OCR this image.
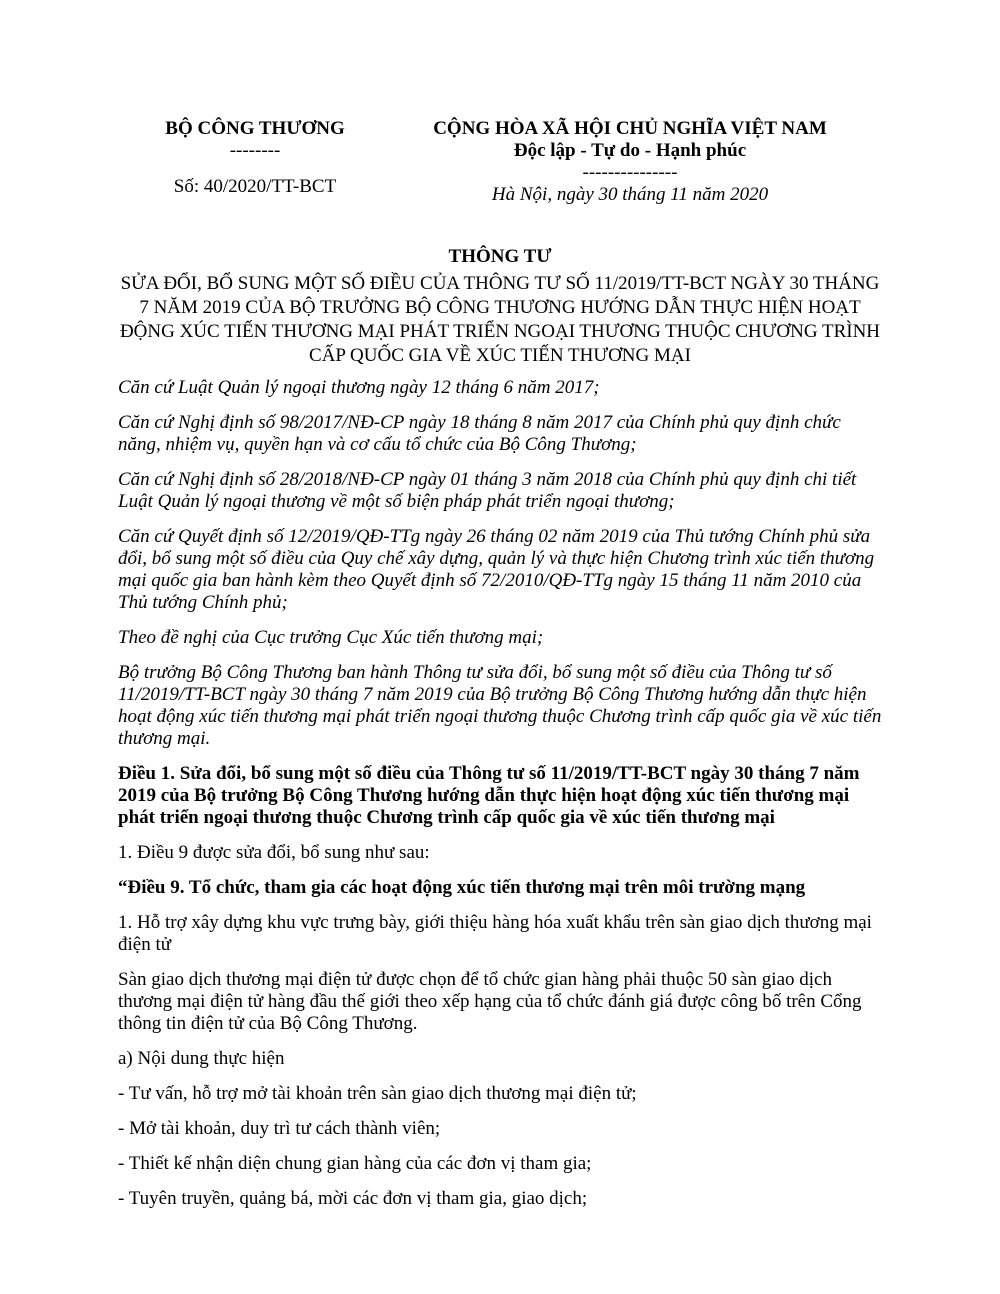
BỘ CÔNG THƯƠNG
--------
Số: 40/2020/TT-BCT
CỘNG HÒA XÃ HỘI CHỦ NGHĨA VIỆT NAM
Độc lập - Tự do - Hạnh phúc
---------------
Hà Nội, ngày 30 tháng 11 năm 2020
THÔNG TƯ
SỬA ĐỔI, BỔ SUNG MỘT SỐ ĐIỀU CỦA THÔNG TƯ SỐ 11/2019/TT-BCT NGÀY 30 THÁNG 7 NĂM 2019 CỦA BỘ TRƯỞNG BỘ CÔNG THƯƠNG HƯỚNG DẪN THỰC HIỆN HOẠT ĐỘNG XÚC TIẾN THƯƠNG MẠI PHÁT TRIỂN NGOẠI THƯƠNG THUỘC CHƯƠNG TRÌNH CẤP QUỐC GIA VỀ XÚC TIẾN THƯƠNG MẠI

Căn cứ Luật Quản lý ngoại thương ngày 12 tháng 6 năm 2017;

Căn cứ Nghị định số 98/2017/NĐ-CP ngày 18 tháng 8 năm 2017 của Chính phủ quy định chức năng, nhiệm vụ, quyền hạn và cơ cấu tổ chức của Bộ Công Thương;

Căn cứ Nghị định số 28/2018/NĐ-CP ngày 01 tháng 3 năm 2018 của Chính phủ quy định chi tiết Luật Quản lý ngoại thương về một số biện pháp phát triển ngoại thương;

Căn cứ Quyết định số 12/2019/QĐ-TTg ngày 26 tháng 02 năm 2019 của Thủ tướng Chính phủ sửa đổi, bổ sung một số điều của Quy chế xây dựng, quản lý và thực hiện Chương trình xúc tiến thương mại quốc gia ban hành kèm theo Quyết định số 72/2010/QĐ-TTg ngày 15 tháng 11 năm 2010 của Thủ tướng Chính phủ;

Theo đề nghị của Cục trưởng Cục Xúc tiến thương mại;

Bộ trưởng Bộ Công Thương ban hành Thông tư sửa đổi, bổ sung một số điều của Thông tư số 11/2019/TT-BCT ngày 30 tháng 7 năm 2019 của Bộ trưởng Bộ Công Thương hướng dẫn thực hiện hoạt động xúc tiến thương mại phát triển ngoại thương thuộc Chương trình cấp quốc gia về xúc tiến thương mại.

Điều 1. Sửa đổi, bổ sung một số điều của Thông tư số 11/2019/TT-BCT ngày 30 tháng 7 năm 2019 của Bộ trưởng Bộ Công Thương hướng dẫn thực hiện hoạt động xúc tiến thương mại phát triển ngoại thương thuộc Chương trình cấp quốc gia về xúc tiến thương mại

1. Điều 9 được sửa đổi, bổ sung như sau:

“Điều 9. Tổ chức, tham gia các hoạt động xúc tiến thương mại trên môi trường mạng

1. Hỗ trợ xây dựng khu vực trưng bày, giới thiệu hàng hóa xuất khẩu trên sàn giao dịch thương mại điện tử

Sàn giao dịch thương mại điện tử được chọn để tổ chức gian hàng phải thuộc 50 sàn giao dịch thương mại điện tử hàng đầu thế giới theo xếp hạng của tổ chức đánh giá được công bố trên Cổng thông tin điện tử của Bộ Công Thương.

a) Nội dung thực hiện

- Tư vấn, hỗ trợ mở tài khoản trên sàn giao dịch thương mại điện tử;

- Mở tài khoản, duy trì tư cách thành viên;

- Thiết kế nhận diện chung gian hàng của các đơn vị tham gia;

- Tuyên truyền, quảng bá, mời các đơn vị tham gia, giao dịch;
